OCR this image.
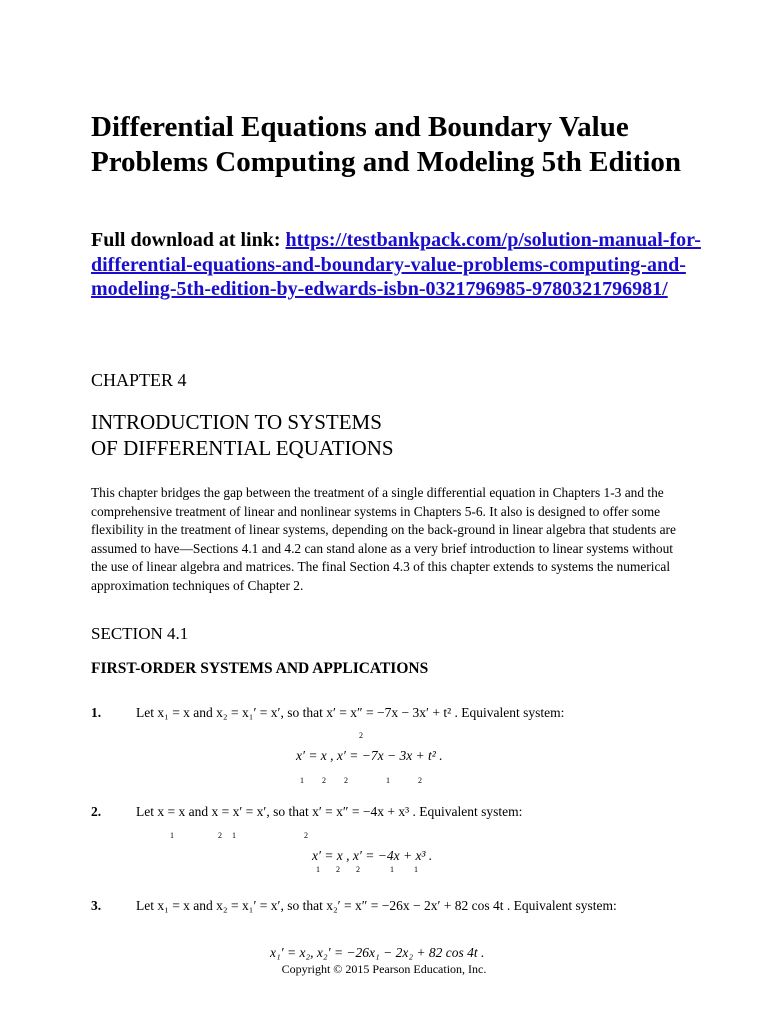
Differential Equations and Boundary Value Problems Computing and Modeling 5th Edition
Full download at link: https://testbankpack.com/p/solution-manual-for-differential-equations-and-boundary-value-problems-computing-and-modeling-5th-edition-by-edwards-isbn-0321796985-9780321796981/
CHAPTER 4
INTRODUCTION TO SYSTEMS
OF DIFFERENTIAL EQUATIONS

This chapter bridges the gap between the treatment of a single differential equation in Chapters 1-3 and the comprehensive treatment of linear and nonlinear systems in Chapters 5-6. It also is designed to offer some flexibility in the treatment of linear systems, depending on the back-ground in linear algebra that students are assumed to have—Sections 4.1 and 4.2 can stand alone as a very brief introduction to linear systems without the use of linear algebra and matrices. The final Section 4.3 of this chapter extends to systems the numerical approximation techniques of Chapter 2.

SECTION 4.1
FIRST-ORDER SYSTEMS AND APPLICATIONS
1.	Let x₁ = x and x₂ = x₁′ = x′, so that x′ = x″ = −7x − 3x′ + t² . Equivalent system:
2
x′ = x , x′ = −7x − 3x + t² .
1         2         2                   1              2
2.	Let x = x and x = x′ = x′, so that x′ = x″ = −4x + x³ . Equivalent system:
1                      2     1                                  2
x′ = x , x′ = −4x + x³ .
1        2        2               1          1
3.	Let x₁ = x and x₂ = x₁′ = x′, so that x₂′ = x″ = −26x − 2x′ + 82 cos 4t . Equivalent system:
x₁′ = x₂, x₂′ = −26x₁ − 2x₂ + 82 cos 4t .
Copyright © 2015 Pearson Education, Inc.
